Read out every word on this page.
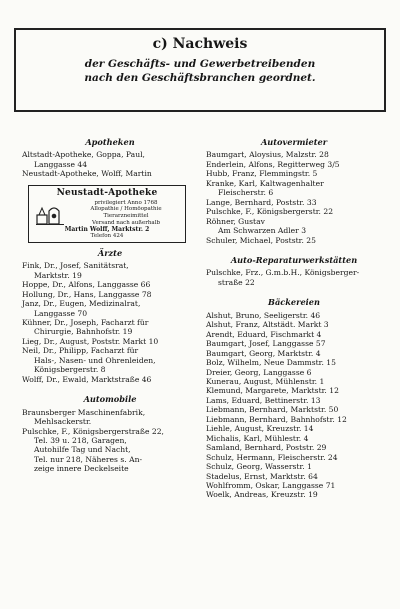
c) Nachweis
der Geschäfts- und Gewerbetreibenden
nach den Geschäftsbranchen geordnet.
Apotheken
Altstadt-Apotheke, Goppa, Paul,
Langgasse 44
Neustadt-Apotheke, Wolff, Martin
Neustadt-Apotheke
privilegiert Anno 1768
Allopathie / Homöopathie
Tierarzneimittel
Versand nach außerhalb
Martin Wolff, Marktstr. 2
Telefon 424
Ärzte
Fink, Dr., Josef, Sanitätsrat,
Marktstr. 19
Hoppe, Dr., Alfons, Langgasse 66
Hollung, Dr., Hans, Langgasse 78
Janz, Dr., Eugen, Medizinalrat,
Langgasse 70
Kühner, Dr., Joseph, Facharzt für
Chirurgie, Bahnhofstr. 19
Lieg, Dr., August, Poststr. Markt 10
Neil, Dr., Philipp, Facharzt für
Hals-, Nasen- und Ohrenleiden,
Königsbergerstr. 8
Wolff, Dr., Ewald, Marktstraße 46
Automobile
Braunsberger Maschinenfabrik,
Mehlsackerstr.
Pulschke, F., Königsbergerstraße 22,
Tel. 39 u. 218, Garagen,
Autohilfe Tag und Nacht,
Tel. nur 218, Näheres s. An-
zeige innere Deckelseite
Autovermieter
Baumgart, Aloysius, Malzstr. 28
Enderlein, Alfons, Regitterweg 3/5
Hubb, Franz, Flemmingstr. 5
Kranke, Karl, Kaltwagenhalter
Fleischerstr. 6
Lange, Bernhard, Poststr. 33
Pulschke, F., Königsbergerstr. 22
Röhner, Gustav
Am Schwarzen Adler 3
Schuler, Michael, Poststr. 25
Auto-Reparaturwerkstätten
Pulschke, Frz., G.m.b.H., Königsberger-
straße 22
Bäckereien
Alshut, Bruno, Seeligerstr. 46
Alshut, Franz, Altstädt. Markt 3
Arendt, Eduard, Fischmarkt 4
Baumgart, Josef, Langgasse 57
Baumgart, Georg, Marktstr. 4
Bolz, Wilhelm, Neue Dammstr. 15
Dreier, Georg, Langgasse 6
Kunerau, August, Mühlenstr. 1
Klemund, Margarete, Marktstr. 12
Lams, Eduard, Bettinerstr. 13
Liebmann, Bernhard, Marktstr. 50
Liebmann, Bernhard, Bahnhofstr. 12
Liehle, August, Kreuzstr. 14
Michalis, Karl, Mühlestr. 4
Samland, Bernhard, Poststr. 29
Schulz, Hermann, Fleischerstr. 24
Schulz, Georg, Wasserstr. 1
Stadelus, Ernst, Marktstr. 64
Wohlfromm, Oskar, Langgasse 71
Woelk, Andreas, Kreuzstr. 19
